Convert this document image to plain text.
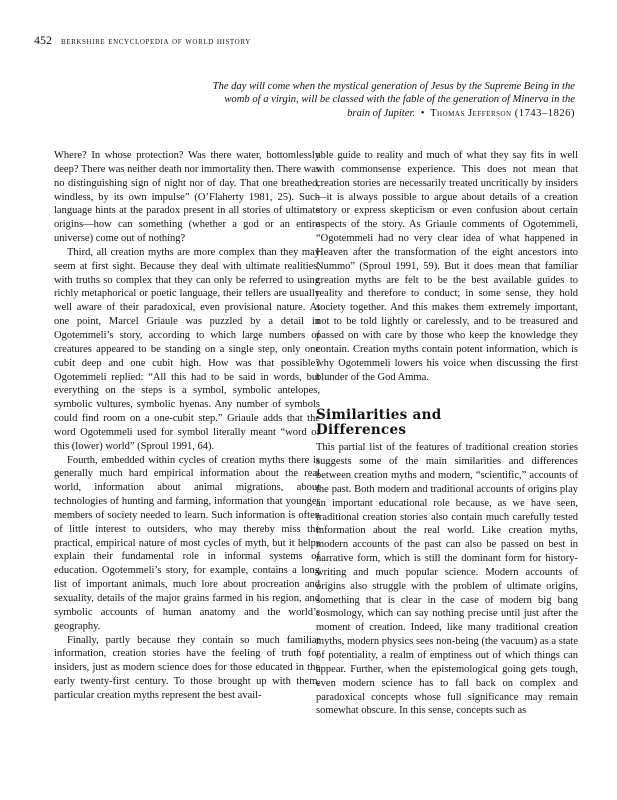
452 berkshire encyclopedia of world history
The day will come when the mystical generation of Jesus by the Supreme Being in the womb of a virgin, will be classed with the fable of the generation of Minerva in the brain of Jupiter. • Thomas Jefferson (1743–1826)

Where? In whose protection? Was there water, bottomlessly deep? There was neither death nor immortality then. There was no distinguishing sign of night nor of day. That one breathed, windless, by its own impulse” (O’Flaherty 1981, 25). Such language hints at the paradox present in all stories of ultimate origins—how can something (whether a god or an entire universe) come out of nothing?

Third, all creation myths are more complex than they may seem at first sight. Because they deal with ultimate realities, with truths so complex that they can only be referred to using richly metaphorical or poetic language, their tellers are usually well aware of their paradoxical, even provisional nature. At one point, Marcel Griaule was puzzled by a detail in Ogotemmeli’s story, according to which large numbers of creatures appeared to be standing on a single step, only one cubit deep and one cubit high. How was that possible? Ogotemmeli replied: “All this had to be said in words, but everything on the steps is a symbol, symbolic antelopes, symbolic vultures, symbolic hyenas. Any number of symbols could find room on a one-cubit step.” Griaule adds that the word Ogotemmeli used for symbol literally meant “word of this (lower) world” (Sproul 1991, 64).

Fourth, embedded within cycles of creation myths there is generally much hard empirical information about the real world, information about animal migrations, about technologies of hunting and farming, information that younger members of society needed to learn. Such information is often of little interest to outsiders, who may thereby miss the practical, empirical nature of most cycles of myth, but it helps explain their fundamental role in informal systems of education. Ogotemmeli’s story, for example, contains a long list of important animals, much lore about procreation and sexuality, details of the major grains farmed in his region, and symbolic accounts of human anatomy and the world’s geography.

Finally, partly because they contain so much familiar information, creation stories have the feeling of truth for insiders, just as modern science does for those educated in the early twenty-first century. To those brought up with them, particular creation myths represent the best avail-

able guide to reality and much of what they say fits in well with commonsense experience. This does not mean that creation stories are necessarily treated uncritically by insiders—it is always possible to argue about details of a creation story or express skepticism or even confusion about certain aspects of the story. As Griaule comments of Ogotemmeli, “Ogotemmeli had no very clear idea of what happened in Heaven after the transformation of the eight ancestors into Nummo” (Sproul 1991, 59). But it does mean that familiar creation myths are felt to be the best available guides to reality and therefore to conduct; in some sense, they hold society together. And this makes them extremely important, not to be told lightly or carelessly, and to be treasured and passed on with care by those who keep the knowledge they contain. Creation myths contain potent information, which is why Ogotemmeli lowers his voice when discussing the first blunder of the God Amma.

Similarities and
Differences

This partial list of the features of traditional creation stories suggests some of the main similarities and differences between creation myths and modern, “scientific,” accounts of the past. Both modern and traditional accounts of origins play an important educational role because, as we have seen, traditional creation stories also contain much carefully tested information about the real world. Like creation myths, modern accounts of the past can also be passed on best in narrative form, which is still the dominant form for history-writing and much popular science. Modern accounts of origins also struggle with the problem of ultimate origins, something that is clear in the case of modern big bang cosmology, which can say nothing precise until just after the moment of creation. Indeed, like many traditional creation myths, modern physics sees non-being (the vacuum) as a state of potentiality, a realm of emptiness out of which things can appear. Further, when the epistemological going gets tough, even modern science has to fall back on complex and paradoxical concepts whose full significance may remain somewhat obscure. In this sense, concepts such as
